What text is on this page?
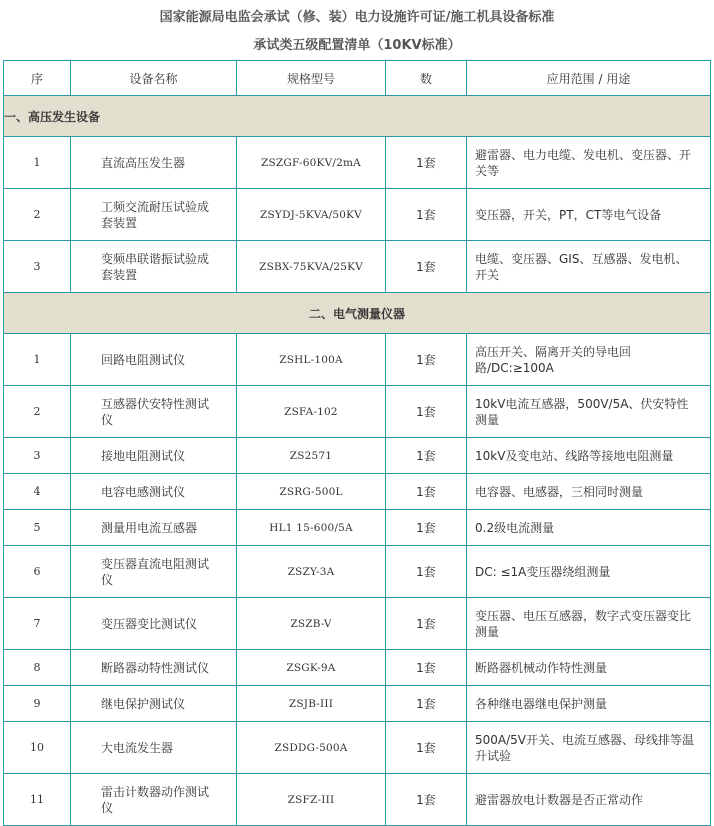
国家能源局电监会承试（修、装）电力设施许可证/施工机具设备标准
承试类五级配置清单（10KV标准）
序	设备名称	规格型号	数	应用范围 / 用途
一、高压发生设备				
1	直流高压发生器	ZSZGF-60KV/2mA	1套	避雷器、电力电缆、发电机、变压器、开关等
2	工频交流耐压试验成套装置	ZSYDJ-5KVA/50KV	1套	变压器，开关，PT，CT等电气设备
3	变频串联谐振试验成套装置	ZSBX-75KVA/25KV	1套	电缆、变压器、GIS、互感器、发电机、开关
二、电气测量仪器				
1	回路电阻测试仪	ZSHL-100A	1套	高压开关、隔离开关的导电回路/DC:≥100A
2	互感器伏安特性测试仪	ZSFA-102	1套	10kV电流互感器，500V/5A、伏安特性测量
3	接地电阻测试仪	ZS2571	1套	10kV及变电站、线路等接地电阻测量
4	电容电感测试仪	ZSRG-500L	1套	电容器、电感器，三相同时测量
5	测量用电流互感器	HL1 15-600/5A	1套	0.2级电流测量
6	变压器直流电阻测试仪	ZSZY-3A	1套	DC: ≤1A变压器绕组测量
7	变压器变比测试仪	ZSZB-V	1套	变压器、电压互感器，数字式变压器变比测量
8	断路器动特性测试仪	ZSGK-9A	1套	断路器机械动作特性测量
9	继电保护测试仪	ZSJB-III	1套	各种继电器继电保护测量
10	大电流发生器	ZSDDG-500A	1套	500A/5V开关、电流互感器、母线排等温升试验
11	雷击计数器动作测试仪	ZSFZ-III	1套	避雷器放电计数器是否正常动作
